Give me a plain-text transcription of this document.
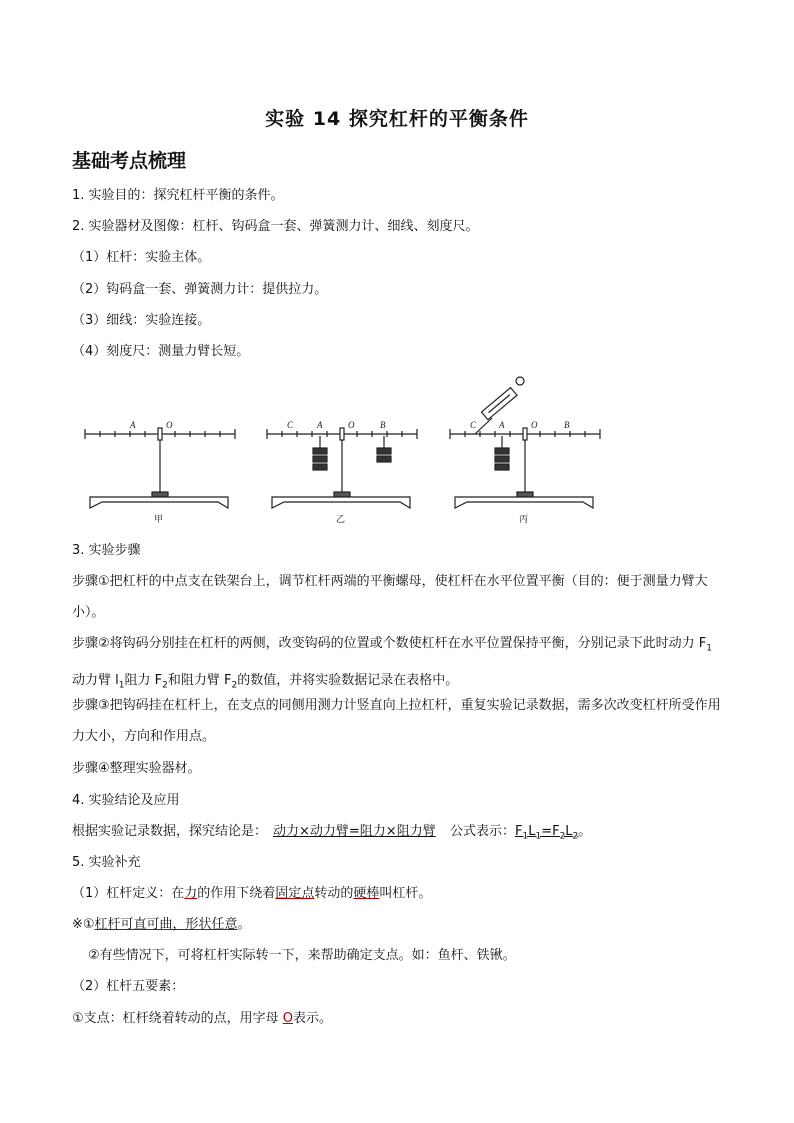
实验 14 探究杠杆的平衡条件
基础考点梳理
1. 实验目的：探究杠杆平衡的条件。
2. 实验器材及图像：杠杆、钩码盒一套、弹簧测力计、细线、刻度尺。
（1）杠杆：实验主体。
（2）钩码盒一套、弹簧测力计：提供拉力。
（3）细线：实验连接。
（4）刻度尺：测量力臂长短。
A	O	C	A	O	B	C	A	O	B
甲	乙	丙
3. 实验步骤
步骤①把杠杆的中点支在铁架台上，调节杠杆两端的平衡螺母，使杠杆在水平位置平衡（目的：便于测量力臂大小）。
步骤②将钩码分别挂在杠杆的两侧，改变钩码的位置或个数使杠杆在水平位置保持平衡，分别记录下此时动力 $F_1$动力臂 $l_1$阻力 $F_2$和阻力臂 $F_2$的数值，并将实验数据记录在表格中。
步骤③把钩码挂在杠杆上，在支点的同侧用测力计竖直向上拉杠杆，重复实验记录数据，需多次改变杠杆所受作用力大小，方向和作用点。
步骤④整理实验器材。
4. 实验结论及应用
根据实验记录数据，探究结论是： 动力×动力臂=阻力×阻力臂 公式表示：$F_1L_1=F_2L_2$。
5. 实验补充
（1）杠杆定义：在力的作用下绕着固定点转动的硬棒叫杠杆。
※①杠杆可直可曲，形状任意。
②有些情况下，可将杠杆实际转一下，来帮助确定支点。如：鱼杆、铁锹。
（2）杠杆五要素：
①支点：杠杆绕着转动的点，用字母 O表示。
